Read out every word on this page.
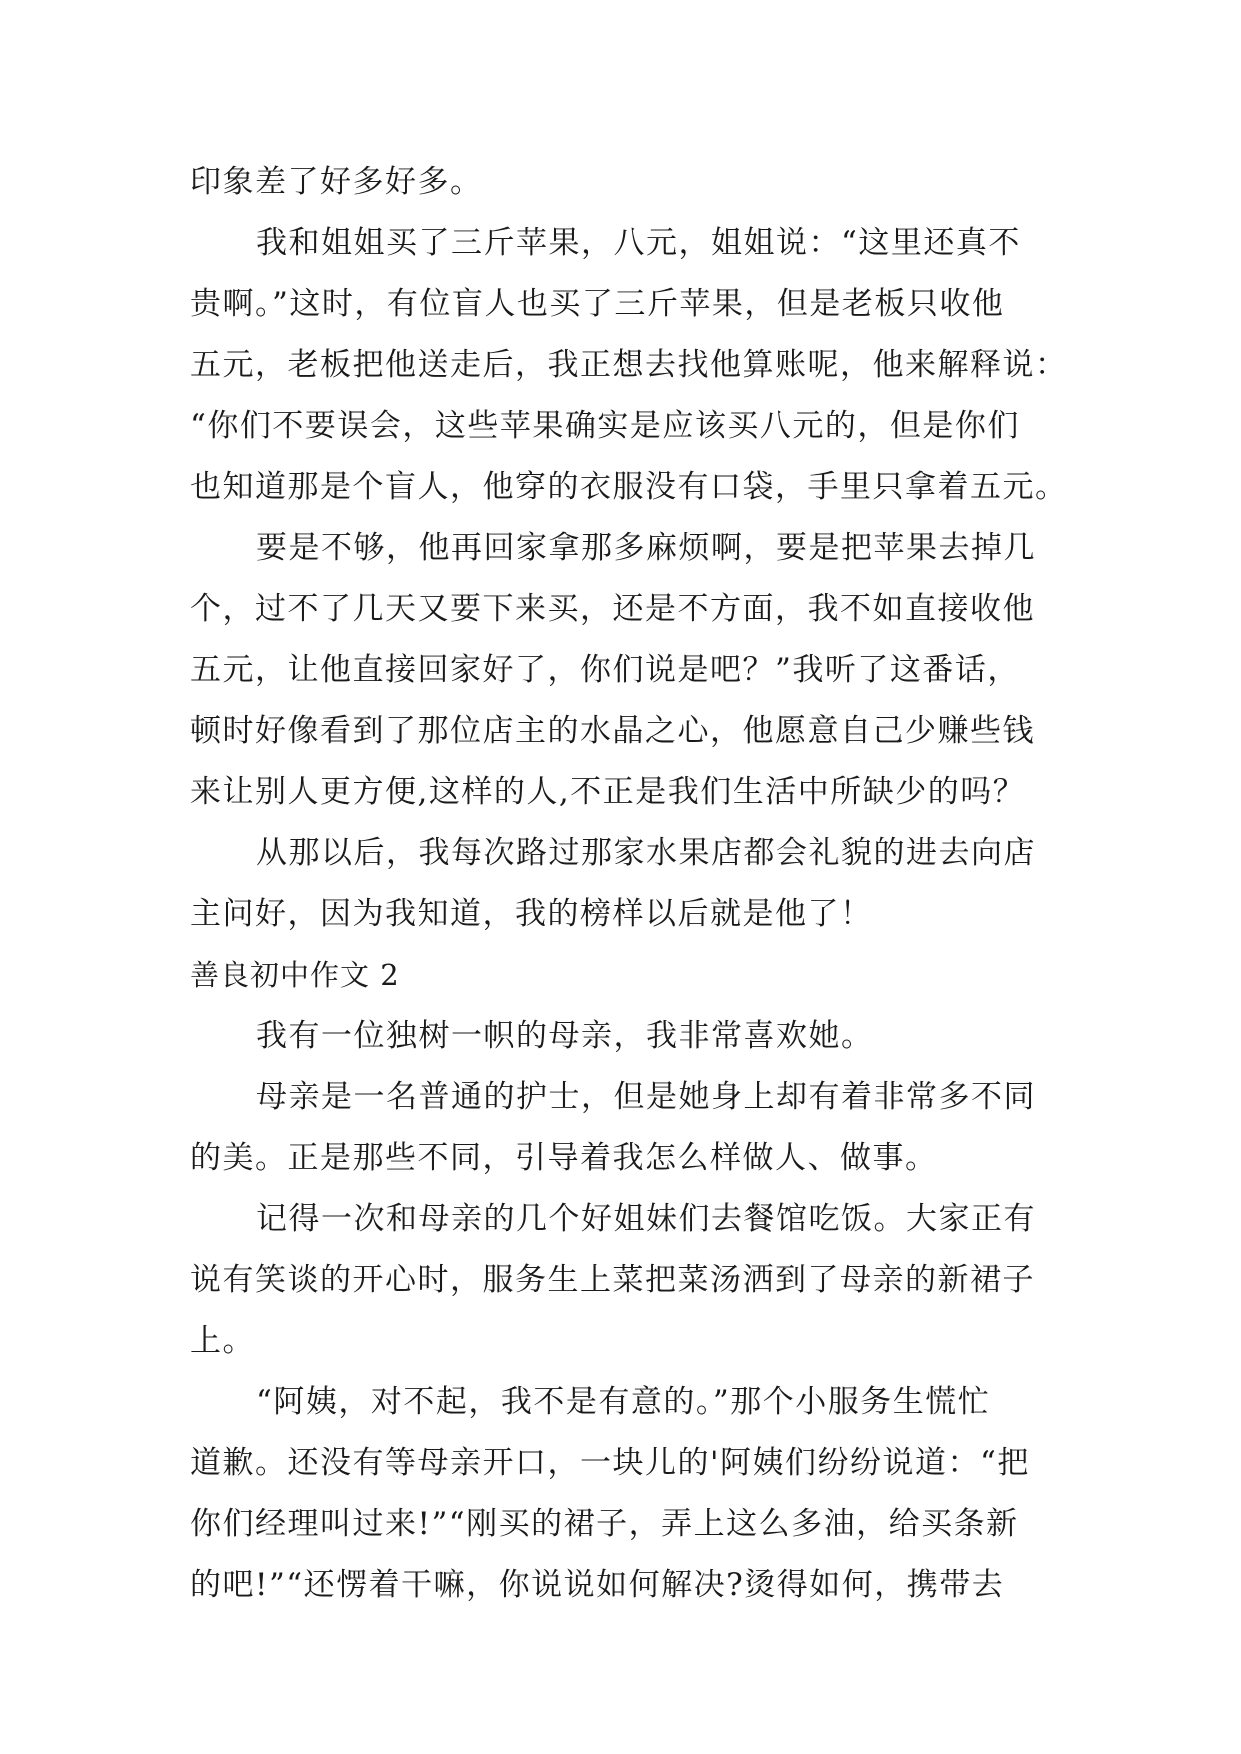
印象差了好多好多。
我和姐姐买了三斤苹果，八元，姐姐说：“这里还真不
贵啊。”这时，有位盲人也买了三斤苹果，但是老板只收他
五元，老板把他送走后，我正想去找他算账呢，他来解释说：
“你们不要误会，这些苹果确实是应该买八元的，但是你们
也知道那是个盲人，他穿的衣服没有口袋，手里只拿着五元。
要是不够，他再回家拿那多麻烦啊，要是把苹果去掉几
个，过不了几天又要下来买，还是不方面，我不如直接收他
五元，让他直接回家好了，你们说是吧？”我听了这番话，
顿时好像看到了那位店主的水晶之心，他愿意自己少赚些钱
来让别人更方便,这样的人,不正是我们生活中所缺少的吗？
从那以后，我每次路过那家水果店都会礼貌的进去向店
主问好，因为我知道，我的榜样以后就是他了！
善良初中作文 2
我有一位独树一帜的母亲，我非常喜欢她。
母亲是一名普通的护士，但是她身上却有着非常多不同
的美。正是那些不同，引导着我怎么样做人、做事。
记得一次和母亲的几个好姐妹们去餐馆吃饭。大家正有
说有笑谈的开心时，服务生上菜把菜汤洒到了母亲的新裙子
上。
“阿姨，对不起，我不是有意的。”那个小服务生慌忙
道歉。还没有等母亲开口，一块儿的'阿姨们纷纷说道：“把
你们经理叫过来!”“刚买的裙子，弄上这么多油，给买条新
的吧!”“还愣着干嘛，你说说如何解决?烫得如何，携带去
